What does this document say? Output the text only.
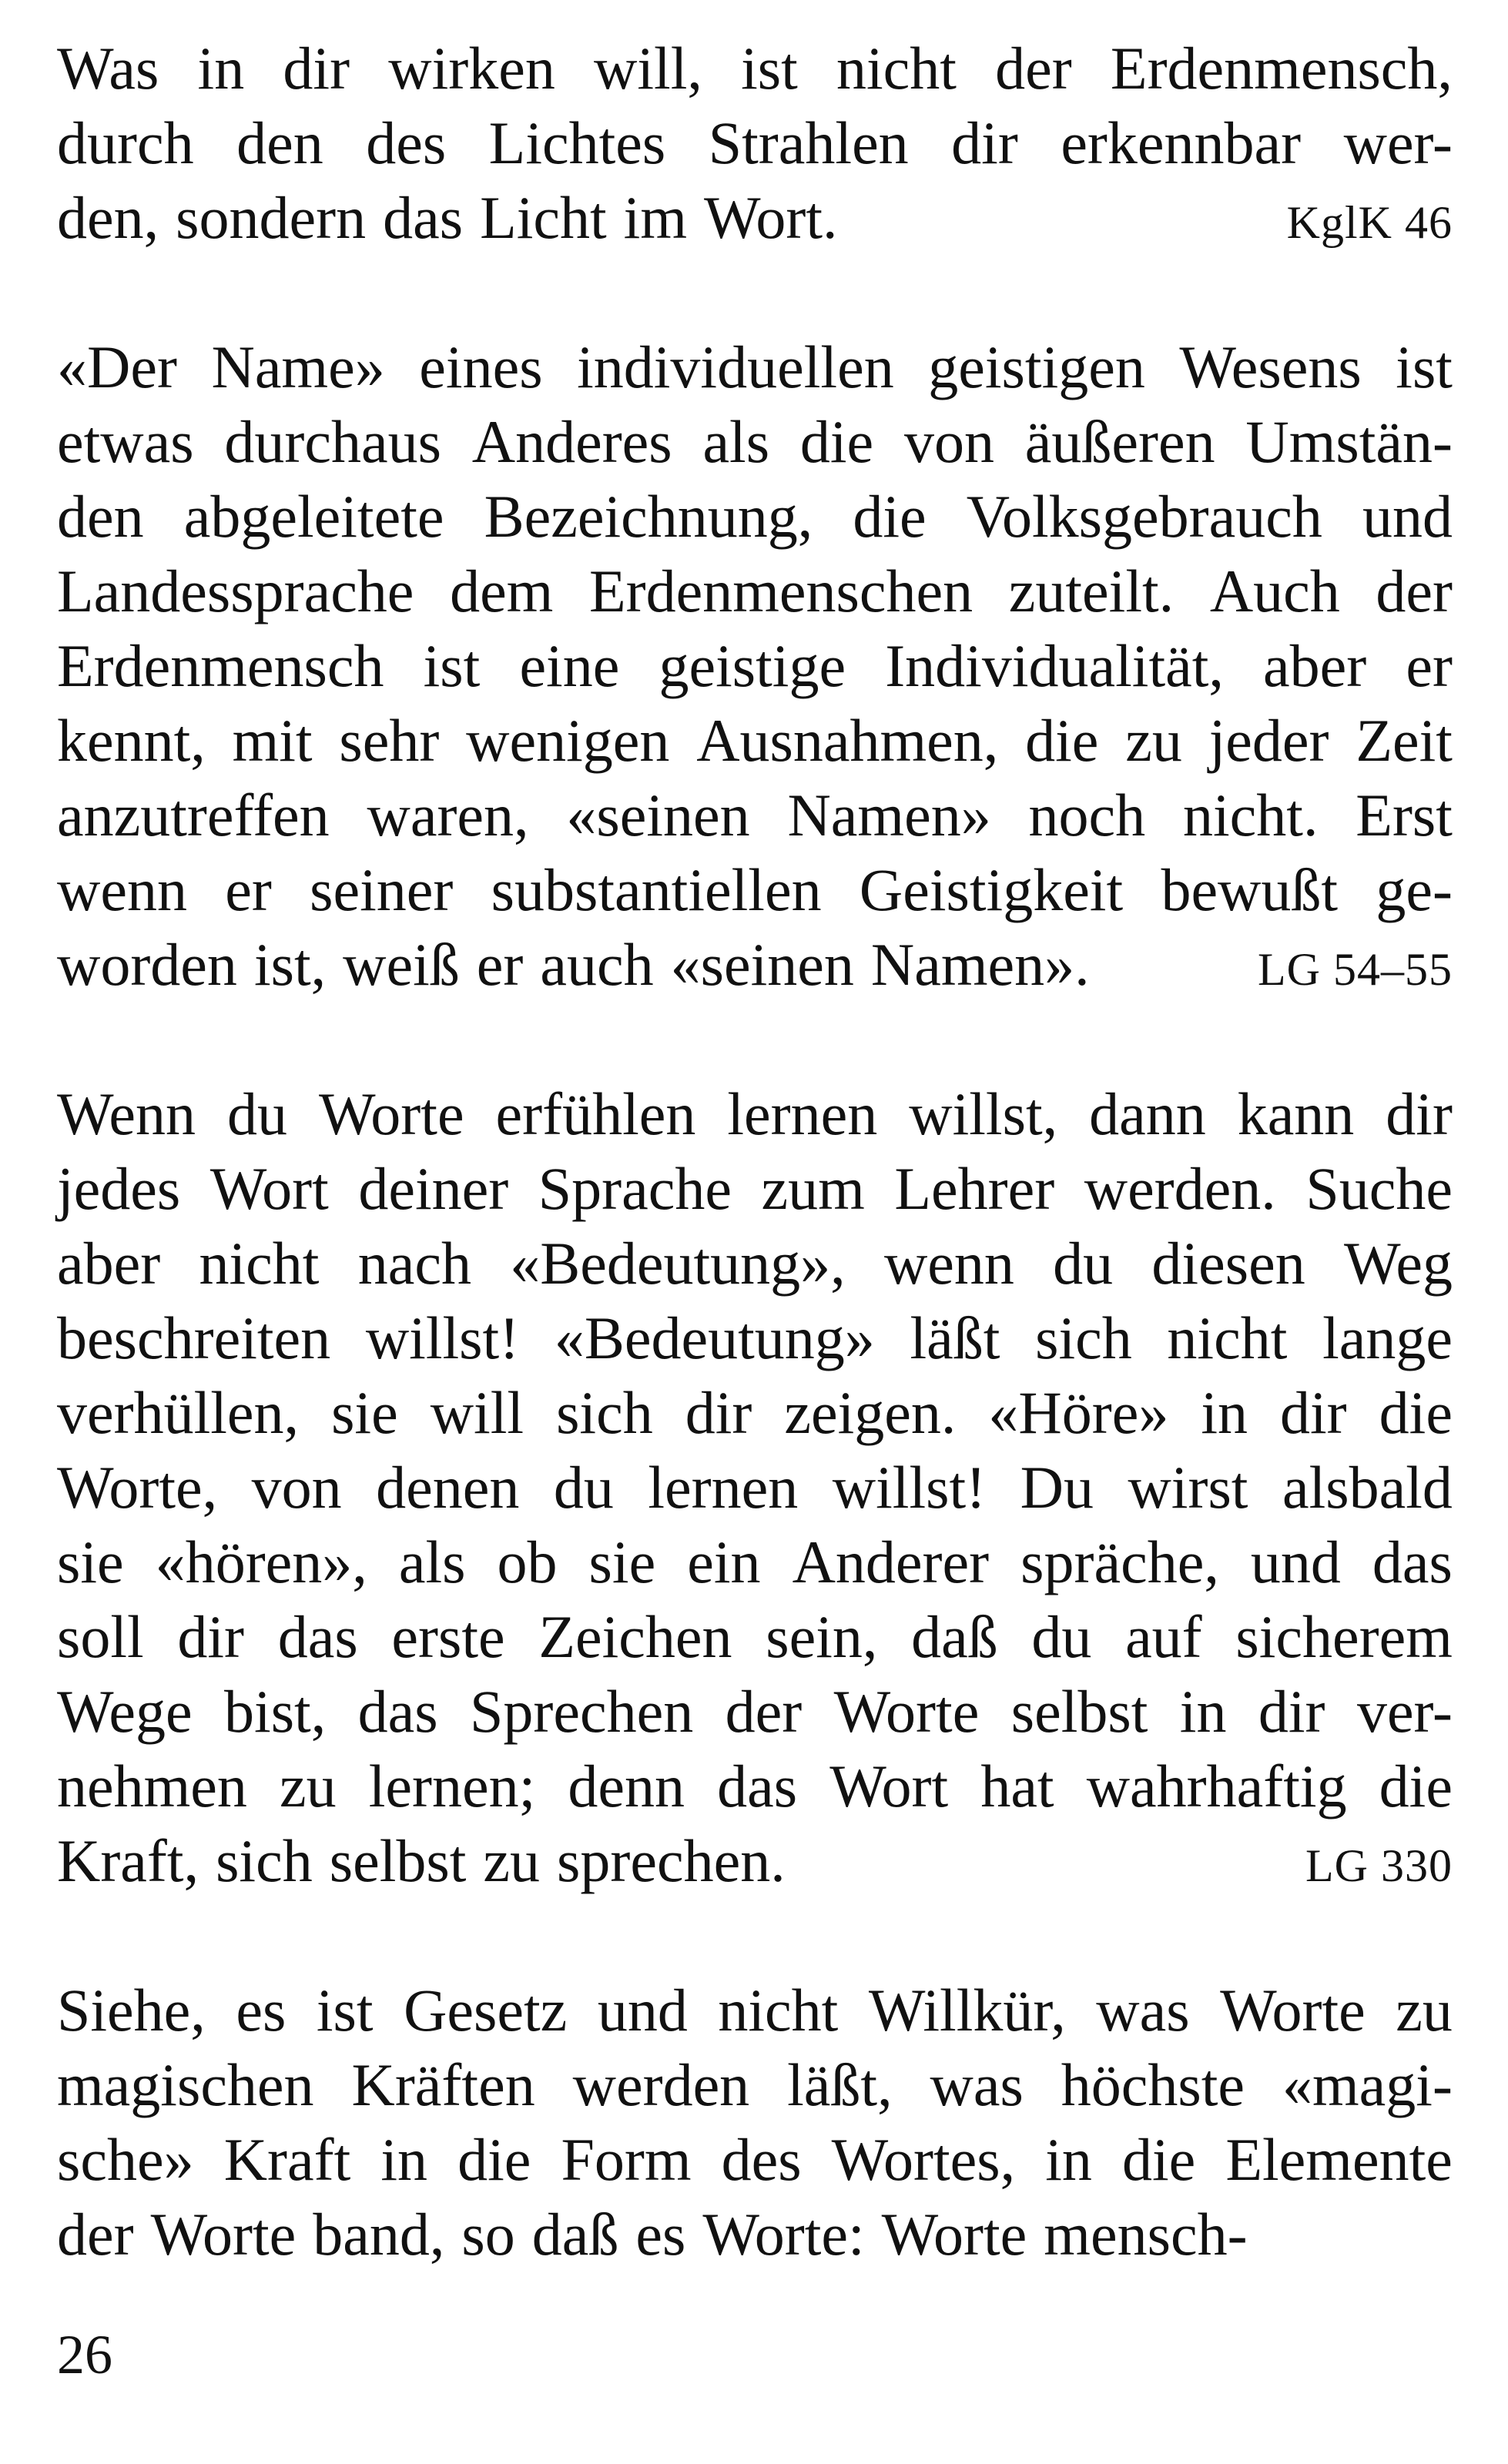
Was in dir wirken will, ist nicht der Erdenmensch,
durch den des Lichtes Strahlen dir erkennbar wer-
den, sondern das Licht im Wort.	KglK 46
«Der Name» eines individuellen geistigen Wesens ist
etwas durchaus Anderes als die von äußeren Umstän-
den abgeleitete Bezeichnung, die Volksgebrauch und
Landessprache dem Erdenmenschen zuteilt. Auch der
Erdenmensch ist eine geistige Individualität, aber er
kennt, mit sehr wenigen Ausnahmen, die zu jeder Zeit
anzutreffen waren, «seinen Namen» noch nicht. Erst
wenn er seiner substantiellen Geistigkeit bewußt ge-
worden ist, weiß er auch «seinen Namen».	LG 54–55
Wenn du Worte erfühlen lernen willst, dann kann dir
jedes Wort deiner Sprache zum Lehrer werden. Suche
aber nicht nach «Bedeutung», wenn du diesen Weg
beschreiten willst! «Bedeutung» läßt sich nicht lange
verhüllen, sie will sich dir zeigen. «Höre» in dir die
Worte, von denen du lernen willst! Du wirst alsbald
sie «hören», als ob sie ein Anderer spräche, und das
soll dir das erste Zeichen sein, daß du auf sicherem
Wege bist, das Sprechen der Worte selbst in dir ver-
nehmen zu lernen; denn das Wort hat wahrhaftig die
Kraft, sich selbst zu sprechen.	LG 330
Siehe, es ist Gesetz und nicht Willkür, was Worte zu
magischen Kräften werden läßt, was höchste «magi-
sche» Kraft in die Form des Wortes, in die Elemente
der Worte band, so daß es Worte: Worte mensch-
26
